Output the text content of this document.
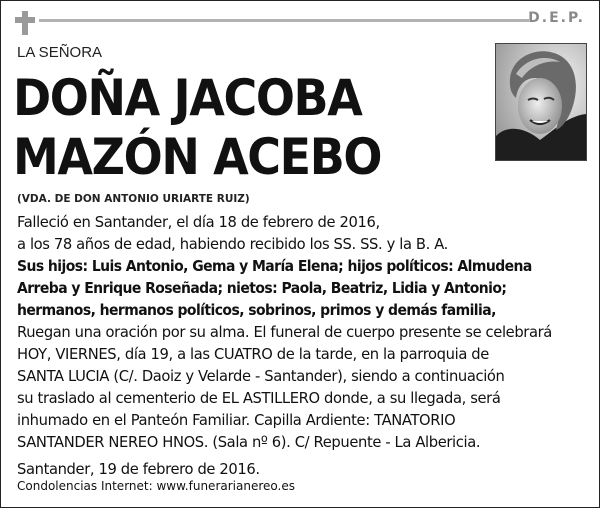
D.E.P.
LA SEÑORA
DOÑA JACOBA
MAZÓN ACEBO
(VDA. DE DON ANTONIO URIARTE RUIZ)
Falleció en Santander, el día 18 de febrero de 2016,
a los 78 años de edad, habiendo recibido los SS. SS. y la B. A.
Sus hijos: Luis Antonio, Gema y María Elena; hijos políticos: Almudena
Arreba y Enrique Roseñada; nietos: Paola, Beatriz, Lidia y Antonio;
hermanos, hermanos políticos, sobrinos, primos y demás familia,
Ruegan una oración por su alma. El funeral de cuerpo presente se celebrará
HOY, VIERNES, día 19, a las CUATRO de la tarde, en la parroquia de
SANTA LUCIA (C/. Daoiz y Velarde - Santander), siendo a continuación
su traslado al cementerio de EL ASTILLERO donde, a su llegada, será
inhumado en el Panteón Familiar. Capilla Ardiente: TANATORIO
SANTANDER NEREO HNOS. (Sala nº 6). C/ Repuente - La Albericia.
Santander, 19 de febrero de 2016.
Condolencias Internet: www.funerarianereo.es
